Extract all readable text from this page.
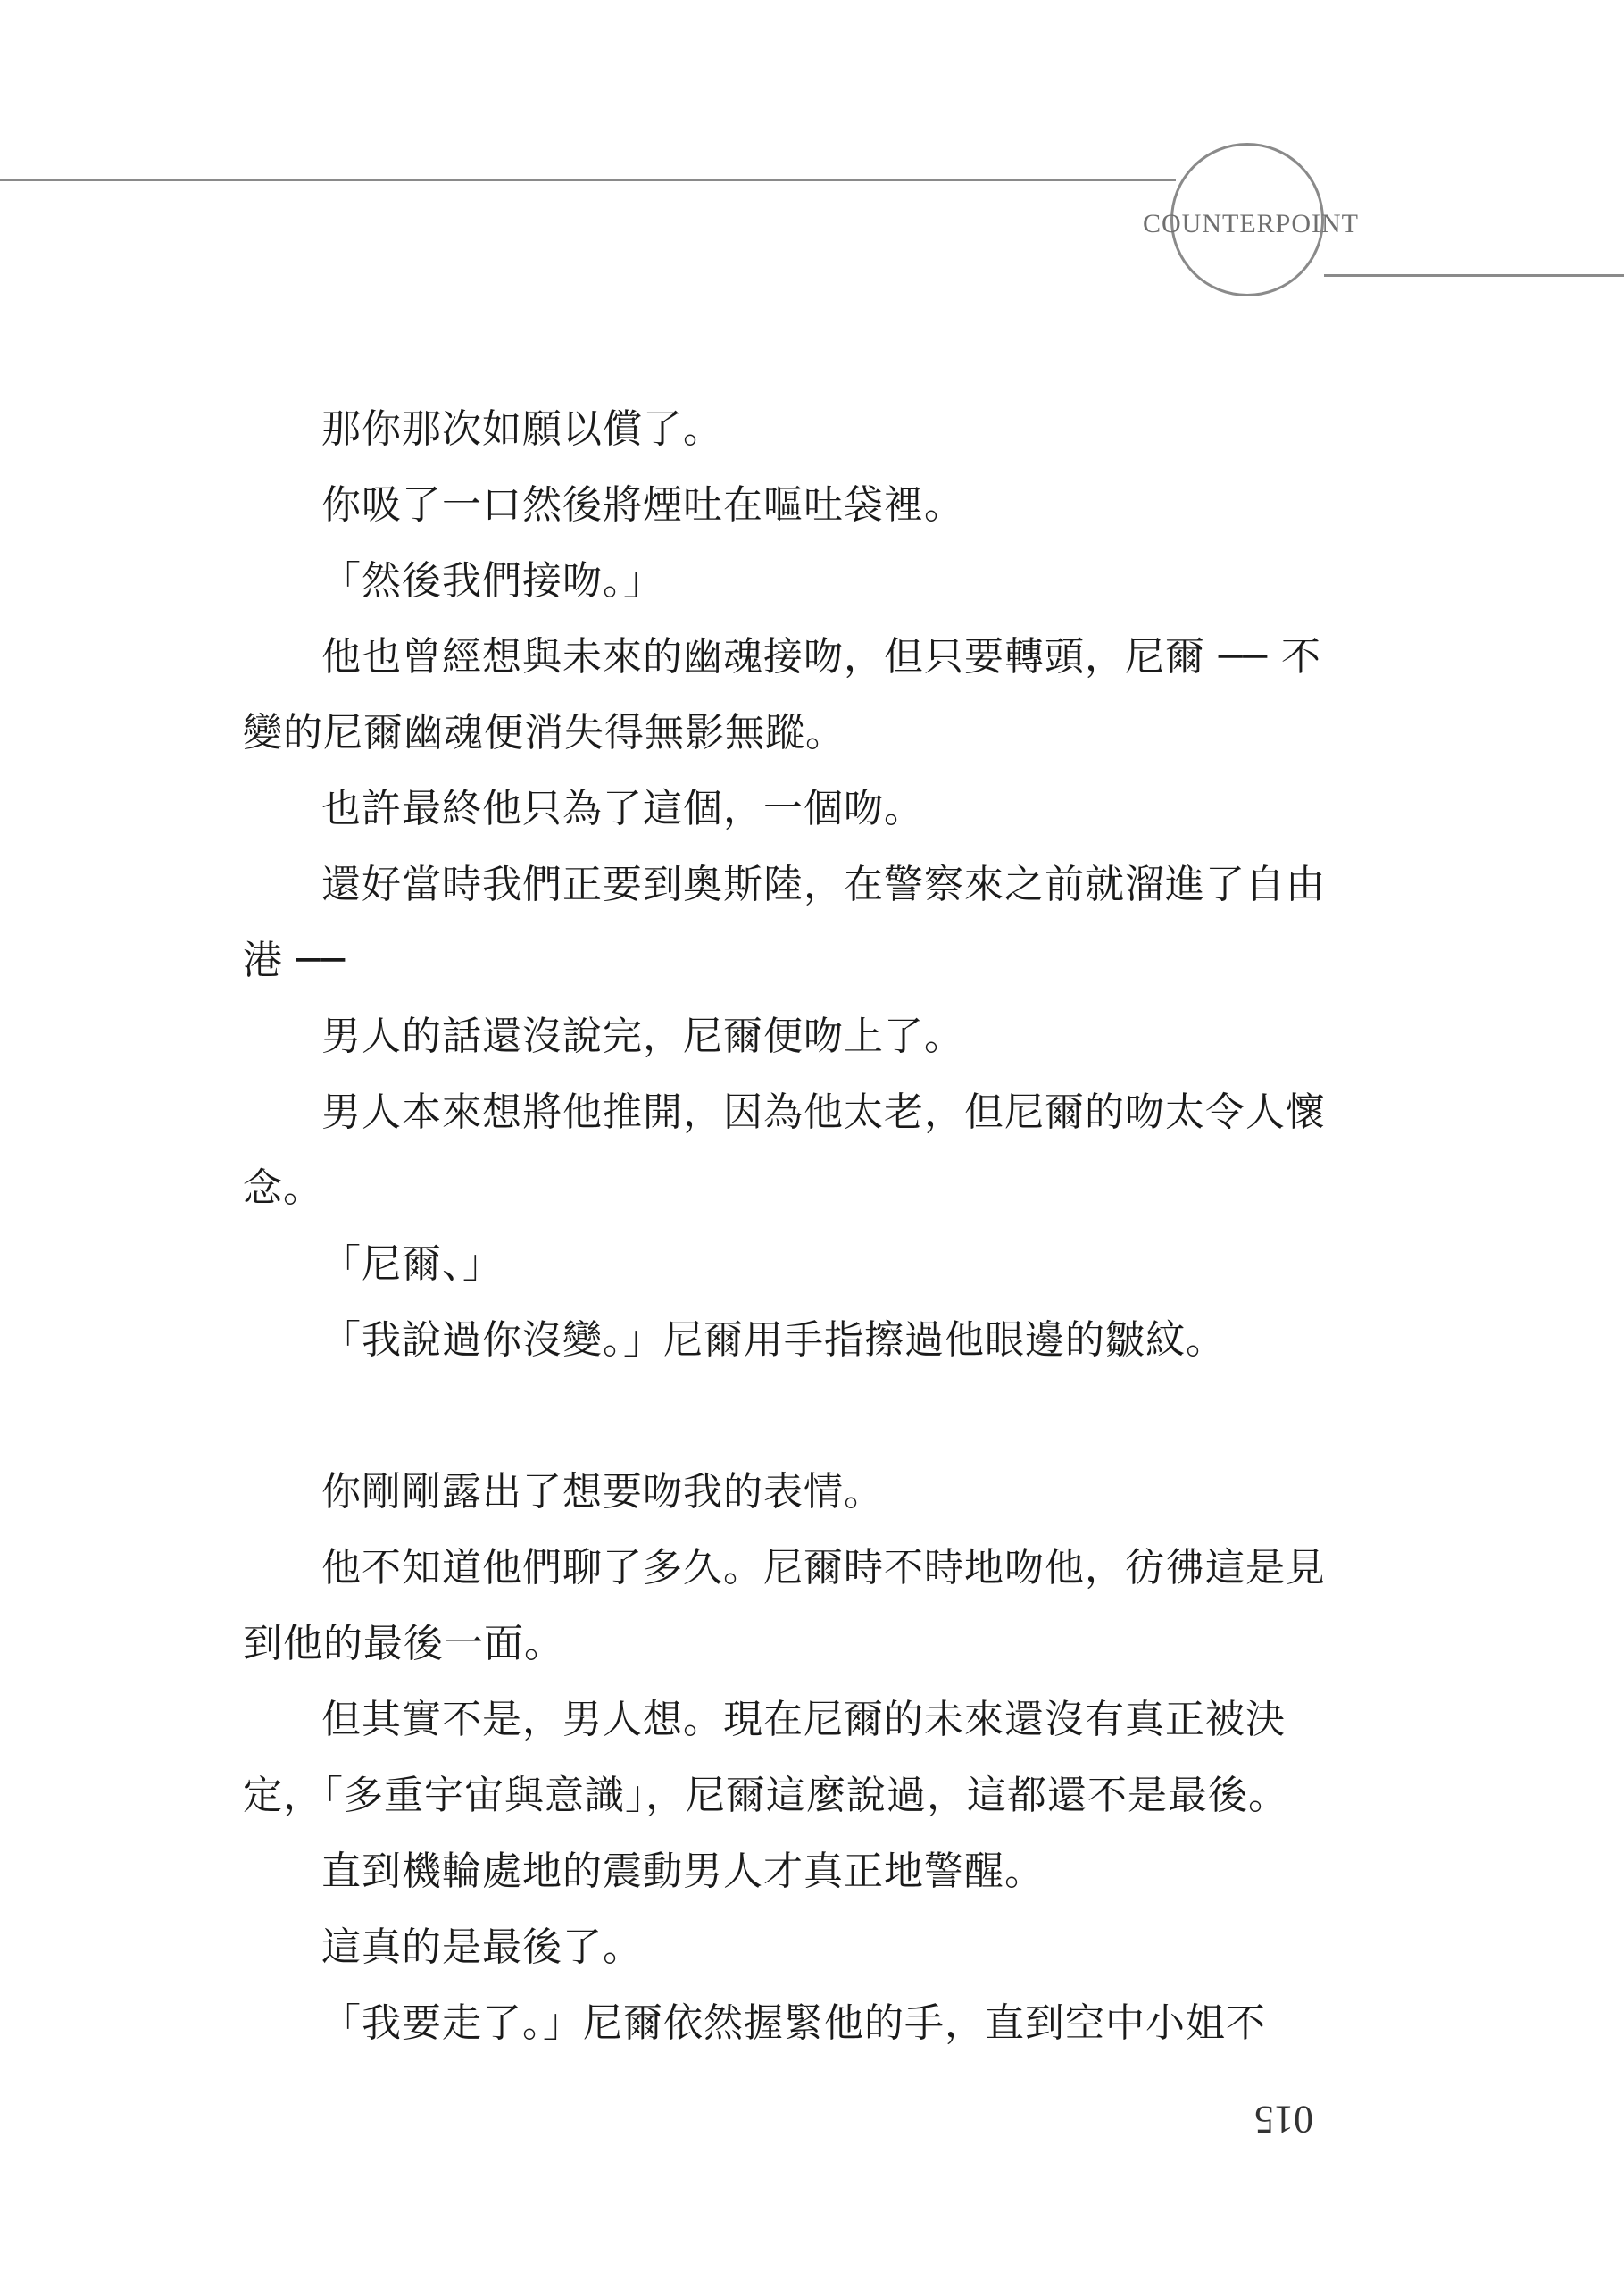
COUNTERPOINT

那你那次如願以償了。

你吸了一口然後將煙吐在嘔吐袋裡。

「然後我們接吻。」

他也曾經想與未來的幽魂接吻，但只要轉頭，尼爾 ── 不變的尼爾幽魂便消失得無影無蹤。

也許最終他只為了這個，一個吻。

還好當時我們正要到奧斯陸，在警察來之前就溜進了自由港 ──

男人的話還沒說完，尼爾便吻上了。

男人本來想將他推開，因為他太老，但尼爾的吻太令人懷念。

「尼爾、」

「我說過你沒變。」尼爾用手指擦過他眼邊的皺紋。

你剛剛露出了想要吻我的表情。

他不知道他們聊了多久。尼爾時不時地吻他，彷彿這是見到他的最後一面。

但其實不是，男人想。現在尼爾的未來還沒有真正被決定，「多重宇宙與意識」，尼爾這麼說過，這都還不是最後。

直到機輪處地的震動男人才真正地警醒。

這真的是最後了。

「我要走了。」尼爾依然握緊他的手，直到空中小姐不

015
